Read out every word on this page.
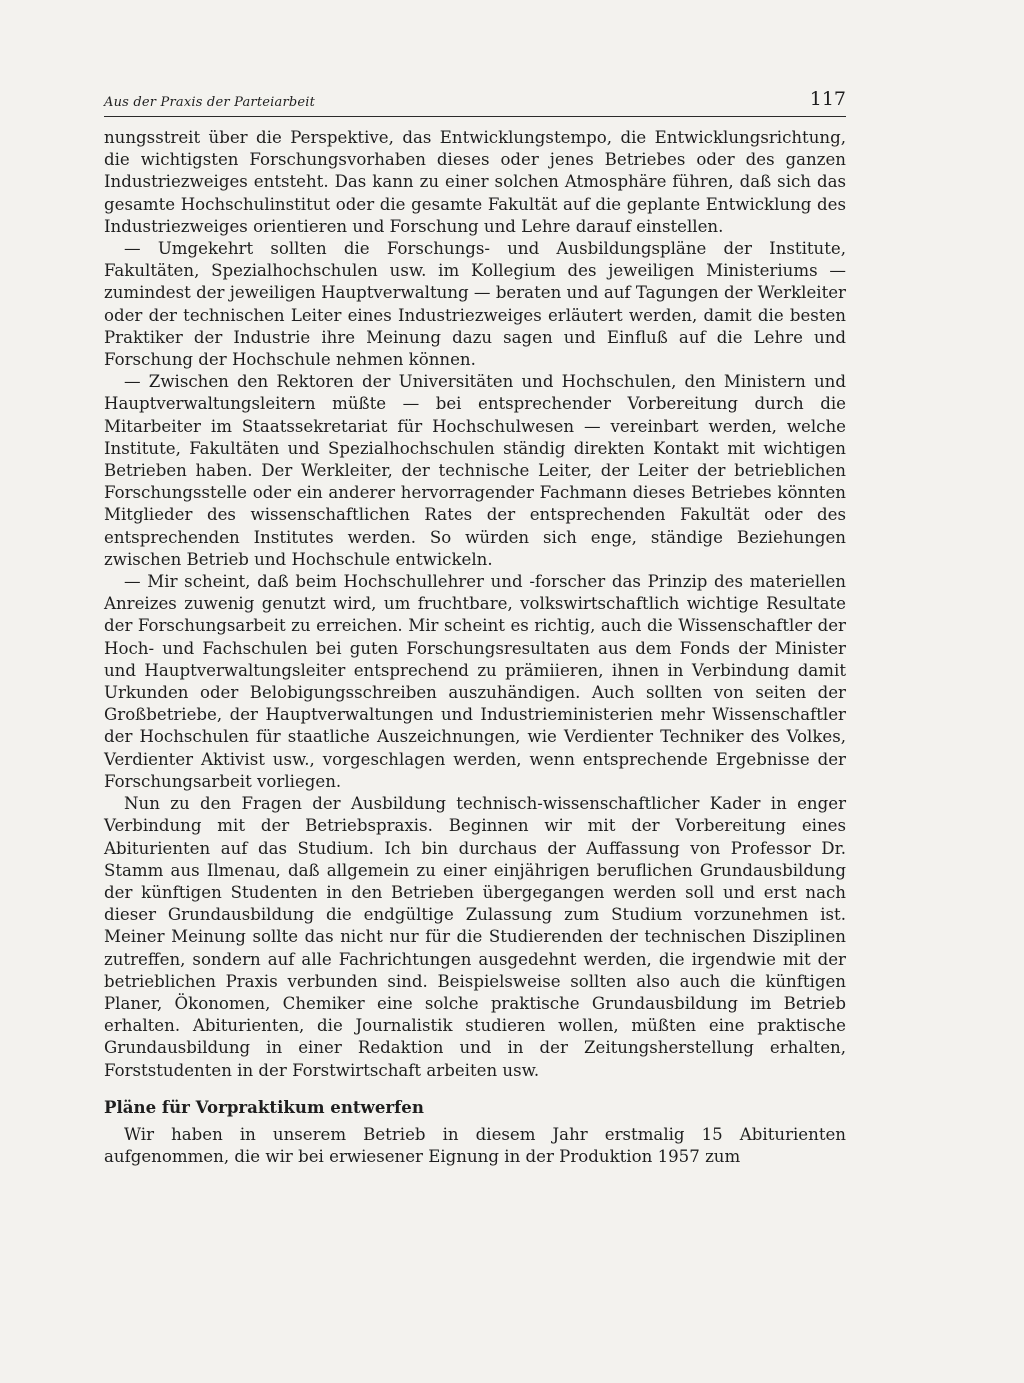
Aus der Praxis der Parteiarbeit	117

nungsstreit über die Perspektive, das Entwicklungstempo, die Entwicklungsrichtung, die wichtigsten Forschungsvorhaben dieses oder jenes Betriebes oder des ganzen Industriezweiges entsteht. Das kann zu einer solchen Atmosphäre führen, daß sich das gesamte Hochschulinstitut oder die gesamte Fakultät auf die geplante Entwicklung des Industriezweiges orientieren und Forschung und Lehre darauf einstellen.

— Umgekehrt sollten die Forschungs- und Ausbildungspläne der Institute, Fakultäten, Spezialhochschulen usw. im Kollegium des jeweiligen Ministeriums — zumindest der jeweiligen Hauptverwaltung — beraten und auf Tagungen der Werkleiter oder der technischen Leiter eines Industriezweiges erläutert werden, damit die besten Praktiker der Industrie ihre Meinung dazu sagen und Einfluß auf die Lehre und Forschung der Hochschule nehmen können.

— Zwischen den Rektoren der Universitäten und Hochschulen, den Ministern und Hauptverwaltungsleitern müßte — bei entsprechender Vorbereitung durch die Mitarbeiter im Staatssekretariat für Hochschulwesen — vereinbart werden, welche Institute, Fakultäten und Spezialhochschulen ständig direkten Kontakt mit wichtigen Betrieben haben. Der Werkleiter, der technische Leiter, der Leiter der betrieblichen Forschungsstelle oder ein anderer hervorragender Fachmann dieses Betriebes könnten Mitglieder des wissenschaftlichen Rates der entsprechenden Fakultät oder des entsprechenden Institutes werden. So würden sich enge, ständige Beziehungen zwischen Betrieb und Hochschule entwickeln.

— Mir scheint, daß beim Hochschullehrer und -forscher das Prinzip des materiellen Anreizes zuwenig genutzt wird, um fruchtbare, volkswirtschaftlich wichtige Resultate der Forschungsarbeit zu erreichen. Mir scheint es richtig, auch die Wissenschaftler der Hoch- und Fachschulen bei guten Forschungsresultaten aus dem Fonds der Minister und Hauptverwaltungsleiter entsprechend zu prämiieren, ihnen in Verbindung damit Urkunden oder Belobigungsschreiben auszuhändigen. Auch sollten von seiten der Großbetriebe, der Hauptverwaltungen und Industrieministerien mehr Wissenschaftler der Hochschulen für staatliche Auszeichnungen, wie Verdienter Techniker des Volkes, Verdienter Aktivist usw., vorgeschlagen werden, wenn entsprechende Ergebnisse der Forschungsarbeit vorliegen.

Nun zu den Fragen der Ausbildung technisch-wissenschaftlicher Kader in enger Verbindung mit der Betriebspraxis. Beginnen wir mit der Vorbereitung eines Abiturienten auf das Studium. Ich bin durchaus der Auffassung von Professor Dr. Stamm aus Ilmenau, daß allgemein zu einer einjährigen beruflichen Grundausbildung der künftigen Studenten in den Betrieben übergegangen werden soll und erst nach dieser Grundausbildung die endgültige Zulassung zum Studium vorzunehmen ist. Meiner Meinung sollte das nicht nur für die Studierenden der technischen Disziplinen zutreffen, sondern auf alle Fachrichtungen ausgedehnt werden, die irgendwie mit der betrieblichen Praxis verbunden sind. Beispielsweise sollten also auch die künftigen Planer, Ökonomen, Chemiker eine solche praktische Grundausbildung im Betrieb erhalten. Abiturienten, die Journalistik studieren wollen, müßten eine praktische Grundausbildung in einer Redaktion und in der Zeitungsherstellung erhalten, Forststudenten in der Forstwirtschaft arbeiten usw.

Pläne für Vorpraktikum entwerfen

Wir haben in unserem Betrieb in diesem Jahr erstmalig 15 Abiturienten aufgenommen, die wir bei erwiesener Eignung in der Produktion 1957 zum
